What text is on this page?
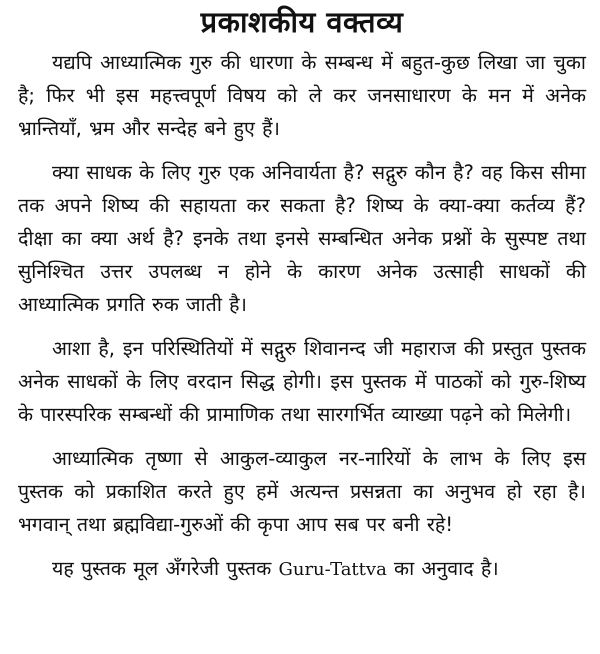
प्रकाशकीय वक्तव्य

यद्यपि आध्यात्मिक गुरु की धारणा के सम्बन्ध में बहुत-कुछ लिखा जा चुका है; फिर भी इस महत्त्वपूर्ण विषय को ले कर जनसाधारण के मन में अनेक भ्रान्तियाँ, भ्रम और सन्देह बने हुए हैं।

क्या साधक के लिए गुरु एक अनिवार्यता है? सद्गुरु कौन है? वह किस सीमा तक अपने शिष्य की सहायता कर सकता है? शिष्य के क्या-क्या कर्तव्य हैं? दीक्षा का क्या अर्थ है? इनके तथा इनसे सम्बन्धित अनेक प्रश्नों के सुस्पष्ट तथा सुनिश्चित उत्तर उपलब्ध न होने के कारण अनेक उत्साही साधकों की आध्यात्मिक प्रगति रुक जाती है।

आशा है, इन परिस्थितियों में सद्गुरु शिवानन्द जी महाराज की प्रस्तुत पुस्तक अनेक साधकों के लिए वरदान सिद्ध होगी। इस पुस्तक में पाठकों को गुरु-शिष्य के पारस्परिक सम्बन्धों की प्रामाणिक तथा सारगर्भित व्याख्या पढ़ने को मिलेगी।

आध्यात्मिक तृष्णा से आकुल-व्याकुल नर-नारियों के लाभ के लिए इस पुस्तक को प्रकाशित करते हुए हमें अत्यन्त प्रसन्नता का अनुभव हो रहा है। भगवान् तथा ब्रह्मविद्या-गुरुओं की कृपा आप सब पर बनी रहे!

यह पुस्तक मूल अँगरेजी पुस्तक Guru-Tattva का अनुवाद है।
